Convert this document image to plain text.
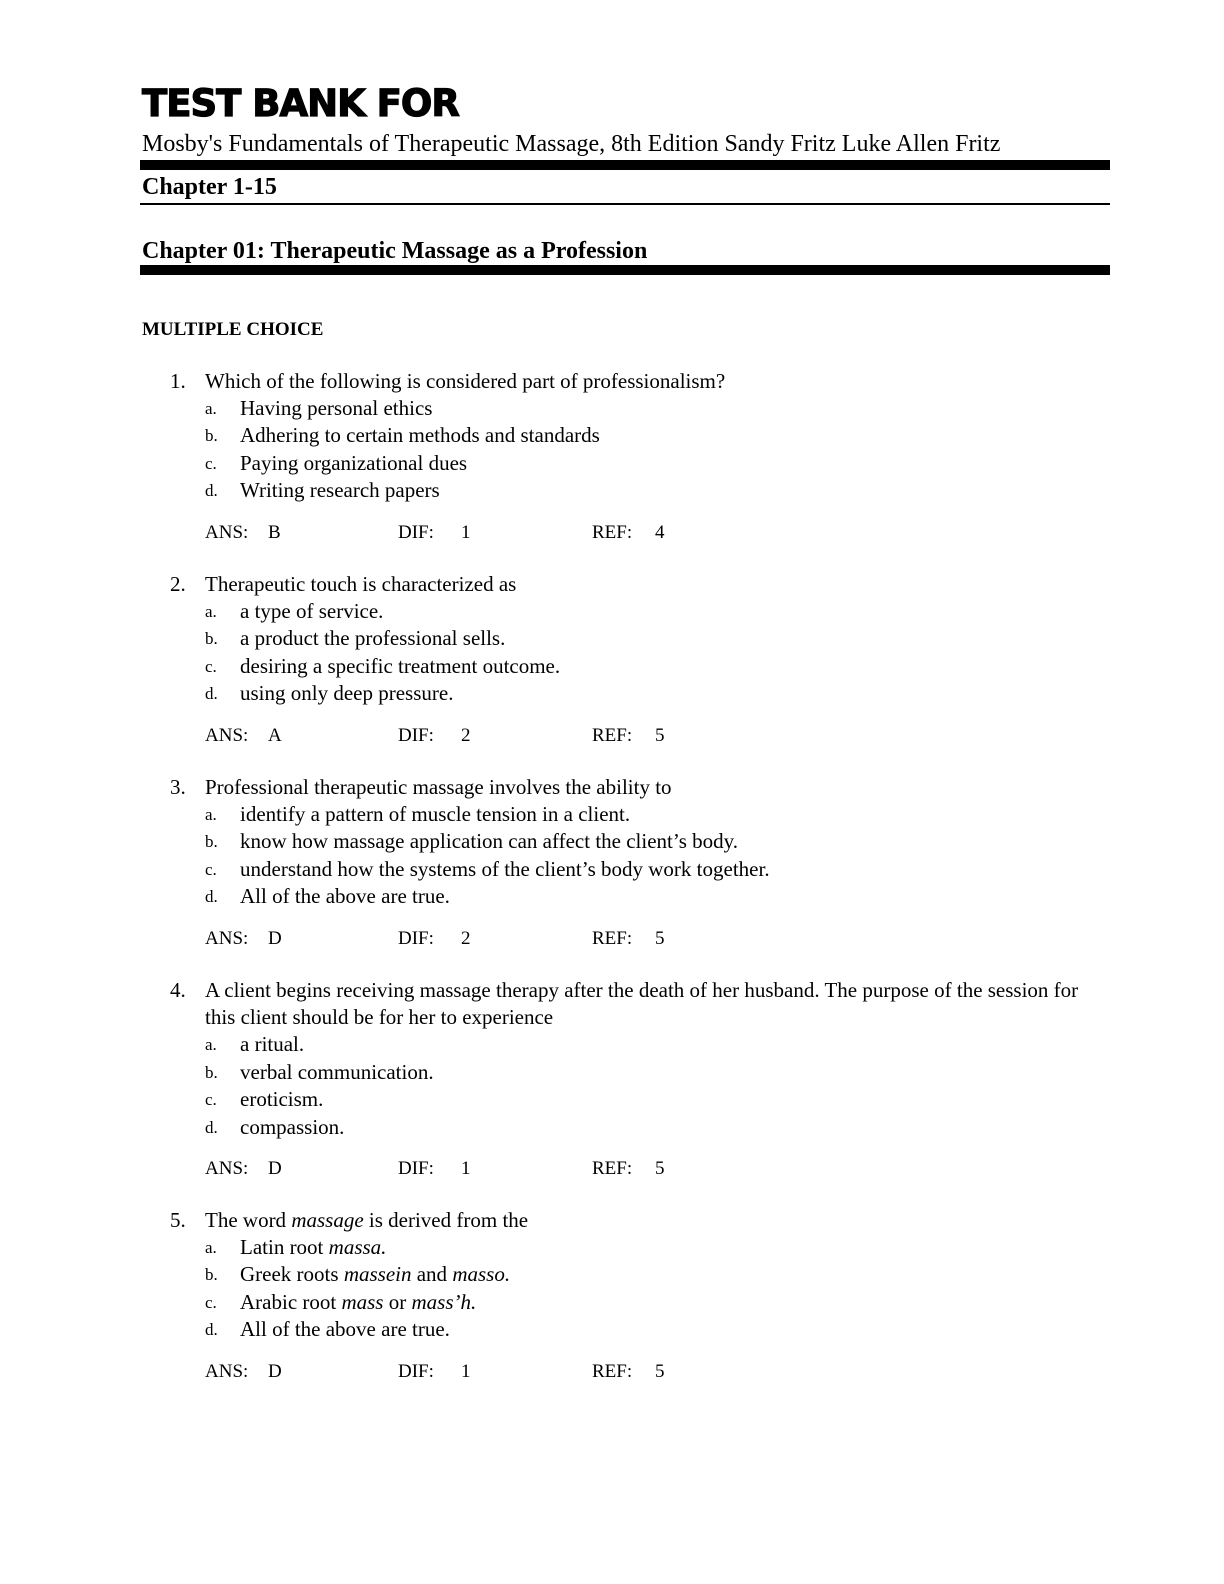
TEST BANK FOR
Mosby's Fundamentals of Therapeutic Massage, 8th Edition Sandy Fritz Luke Allen Fritz
Chapter 1-15
Chapter 01: Therapeutic Massage as a Profession
MULTIPLE CHOICE
1. Which of the following is considered part of professionalism?
a. Having personal ethics
b. Adhering to certain methods and standards
c. Paying organizational dues
d. Writing research papers
ANS: B	DIF: 1	REF: 4
2. Therapeutic touch is characterized as
a. a type of service.
b. a product the professional sells.
c. desiring a specific treatment outcome.
d. using only deep pressure.
ANS: A	DIF: 2	REF: 5
3. Professional therapeutic massage involves the ability to
a. identify a pattern of muscle tension in a client.
b. know how massage application can affect the client’s body.
c. understand how the systems of the client’s body work together.
d. All of the above are true.
ANS: D	DIF: 2	REF: 5
4. A client begins receiving massage therapy after the death of her husband. The purpose of the session for this client should be for her to experience
a. a ritual.
b. verbal communication.
c. eroticism.
d. compassion.
ANS: D	DIF: 1	REF: 5
5. The word massage is derived from the
a. Latin root massa.
b. Greek roots massein and masso.
c. Arabic root mass or mass’h.
d. All of the above are true.
ANS: D	DIF: 1	REF: 5
